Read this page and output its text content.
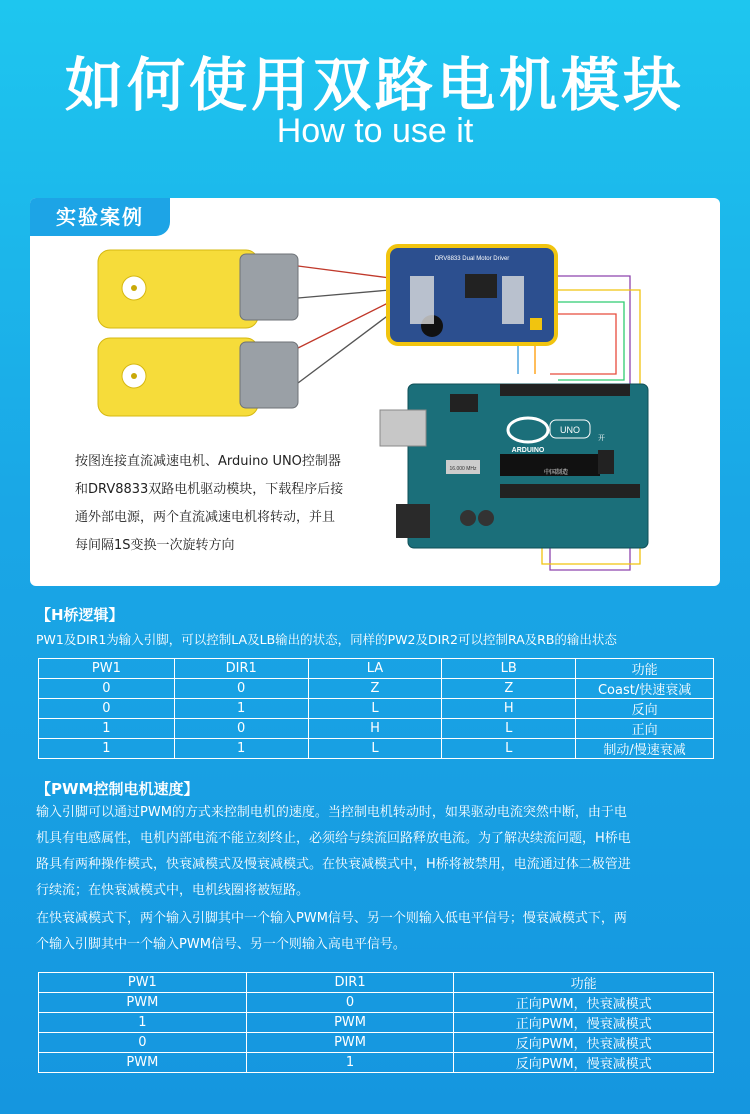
如何使用双路电机模块
How to use it
实验案例
DRV8833 Dual Motor Driver
16.000 MHz
ARDUINO
UNO
中国制造
开
按图连接直流减速电机、Arduino UNO控制器
和DRV8833双路电机驱动模块，下载程序后接
通外部电源，两个直流减速电机将转动，并且
每间隔1S变换一次旋转方向
【H桥逻辑】
PW1及DIR1为输入引脚，可以控制LA及LB输出的状态，同样的PW2及DIR2可以控制RA及RB的输出状态
PW1	DIR1	LA	LB	功能
0	0	Z	Z	Coast/快速衰减
0	1	L	H	反向
1	0	H	L	正向
1	1	L	L	制动/慢速衰减
【PWM控制电机速度】
输入引脚可以通过PWM的方式来控制电机的速度。当控制电机转动时，如果驱动电流突然中断，由于电
机具有电感属性，电机内部电流不能立刻终止，必须给与续流回路释放电流。为了解决续流问题，H桥电
路具有两种操作模式，快衰减模式及慢衰减模式。在快衰减模式中，H桥将被禁用，电流通过体二极管进
行续流；在快衰减模式中，电机线圈将被短路。
在快衰减模式下，两个输入引脚其中一个输入PWM信号、另一个则输入低电平信号；慢衰减模式下，两
个输入引脚其中一个输入PWM信号、另一个则输入高电平信号。
PW1	DIR1	功能
PWM	0	正向PWM，快衰减模式
1	PWM	正向PWM，慢衰减模式
0	PWM	反向PWM，快衰减模式
PWM	1	反向PWM，慢衰减模式
